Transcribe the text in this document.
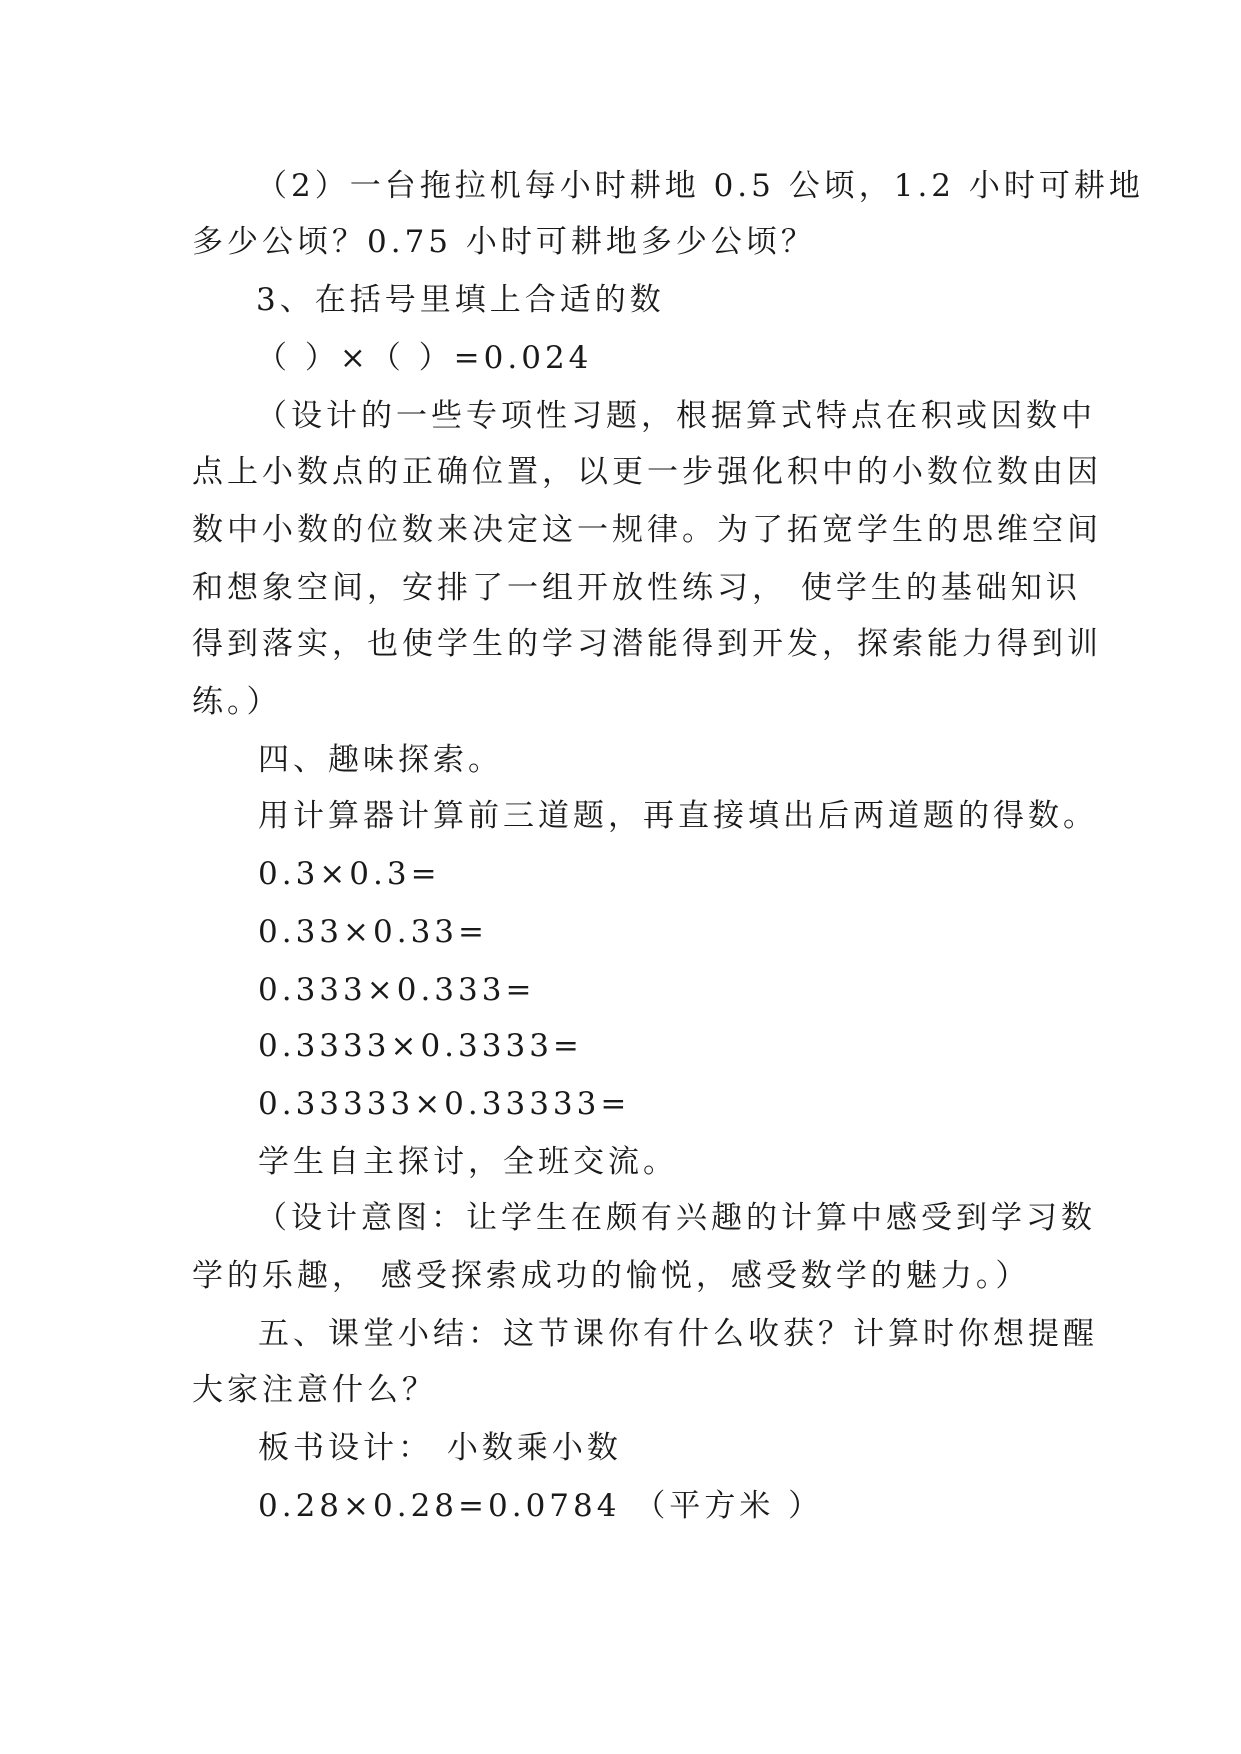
（2）一台拖拉机每小时耕地 0.5 公顷，1.2 小时可耕地
多少公顷？0.75 小时可耕地多少公顷？
3、在括号里填上合适的数
（ ）×（ ）=0.024
（设计的一些专项性习题，根据算式特点在积或因数中
点上小数点的正确位置，以更一步强化积中的小数位数由因
数中小数的位数来决定这一规律。为了拓宽学生的思维空间
和想象空间，安排了一组开放性练习， 使学生的基础知识
得到落实，也使学生的学习潜能得到开发，探索能力得到训
练。）
四、趣味探索。
用计算器计算前三道题，再直接填出后两道题的得数。
0.3×0.3=
0.33×0.33=
0.333×0.333=
0.3333×0.3333=
0.33333×0.33333=
学生自主探讨，全班交流。
（设计意图：让学生在颇有兴趣的计算中感受到学习数
学的乐趣， 感受探索成功的愉悦，感受数学的魅力。）
五、课堂小结：这节课你有什么收获？计算时你想提醒
大家注意什么？
板书设计： 小数乘小数
0.28×0.28=0.0784 （平方米 ）
